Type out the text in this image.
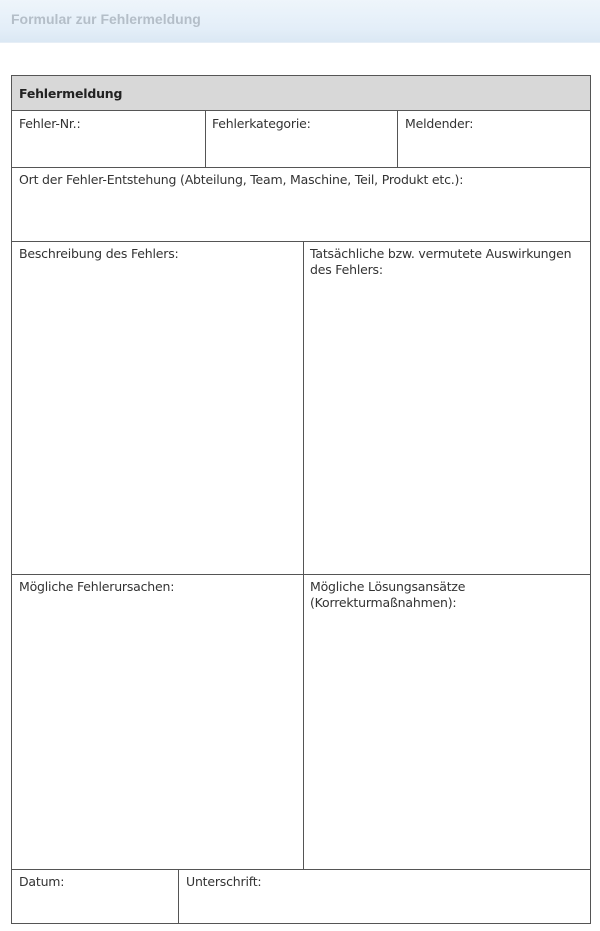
Formular zur Fehlermeldung
Fehlermeldung
Fehler-Nr.:	Fehlerkategorie:	Meldender:
Ort der Fehler-Entstehung (Abteilung, Team, Maschine, Teil, Produkt etc.):
Beschreibung des Fehlers:	Tatsächliche bzw. vermutete Auswirkungen des Fehlers:
Mögliche Fehlerursachen:	Mögliche Lösungsansätze (Korrekturmaßnahmen):
Datum:	Unterschrift:
